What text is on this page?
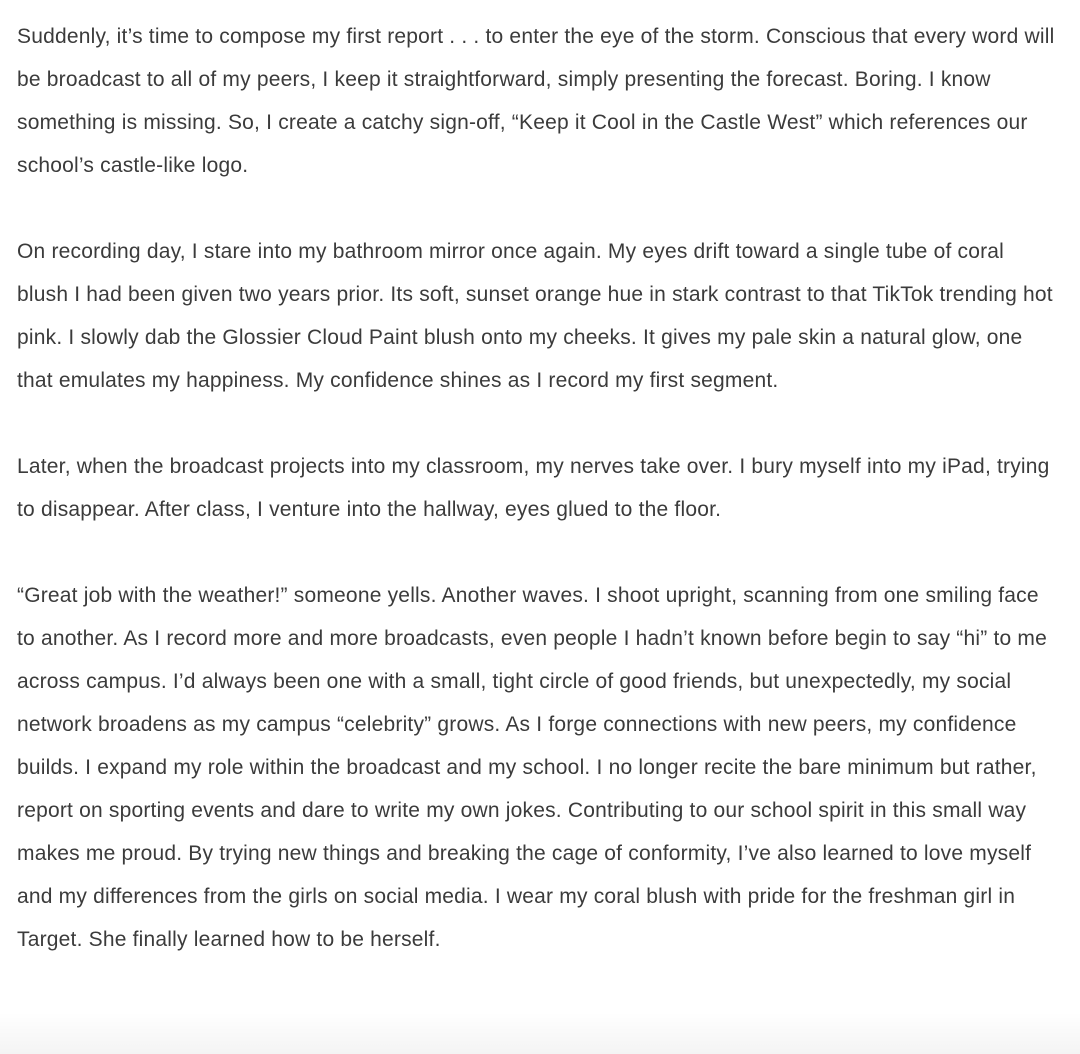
Suddenly, it’s time to compose my first report . . . to enter the eye of the storm. Conscious that every word will be broadcast to all of my peers, I keep it straightforward, simply presenting the forecast. Boring. I know something is missing. So, I create a catchy sign-off, “Keep it Cool in the Castle West” which references our school’s castle-like logo.

On recording day, I stare into my bathroom mirror once again. My eyes drift toward a single tube of coral blush I had been given two years prior. Its soft, sunset orange hue in stark contrast to that TikTok trending hot pink. I slowly dab the Glossier Cloud Paint blush onto my cheeks. It gives my pale skin a natural glow, one that emulates my happiness. My confidence shines as I record my first segment.

Later, when the broadcast projects into my classroom, my nerves take over. I bury myself into my iPad, trying to disappear. After class, I venture into the hallway, eyes glued to the floor.

“Great job with the weather!” someone yells. Another waves. I shoot upright, scanning from one smiling face to another. As I record more and more broadcasts, even people I hadn’t known before begin to say “hi” to me across campus. I’d always been one with a small, tight circle of good friends, but unexpectedly, my social network broadens as my campus “celebrity” grows. As I forge connections with new peers, my confidence builds. I expand my role within the broadcast and my school. I no longer recite the bare minimum but rather, report on sporting events and dare to write my own jokes. Contributing to our school spirit in this small way makes me proud. By trying new things and breaking the cage of conformity, I’ve also learned to love myself and my differences from the girls on social media. I wear my coral blush with pride for the freshman girl in Target. She finally learned how to be herself.
